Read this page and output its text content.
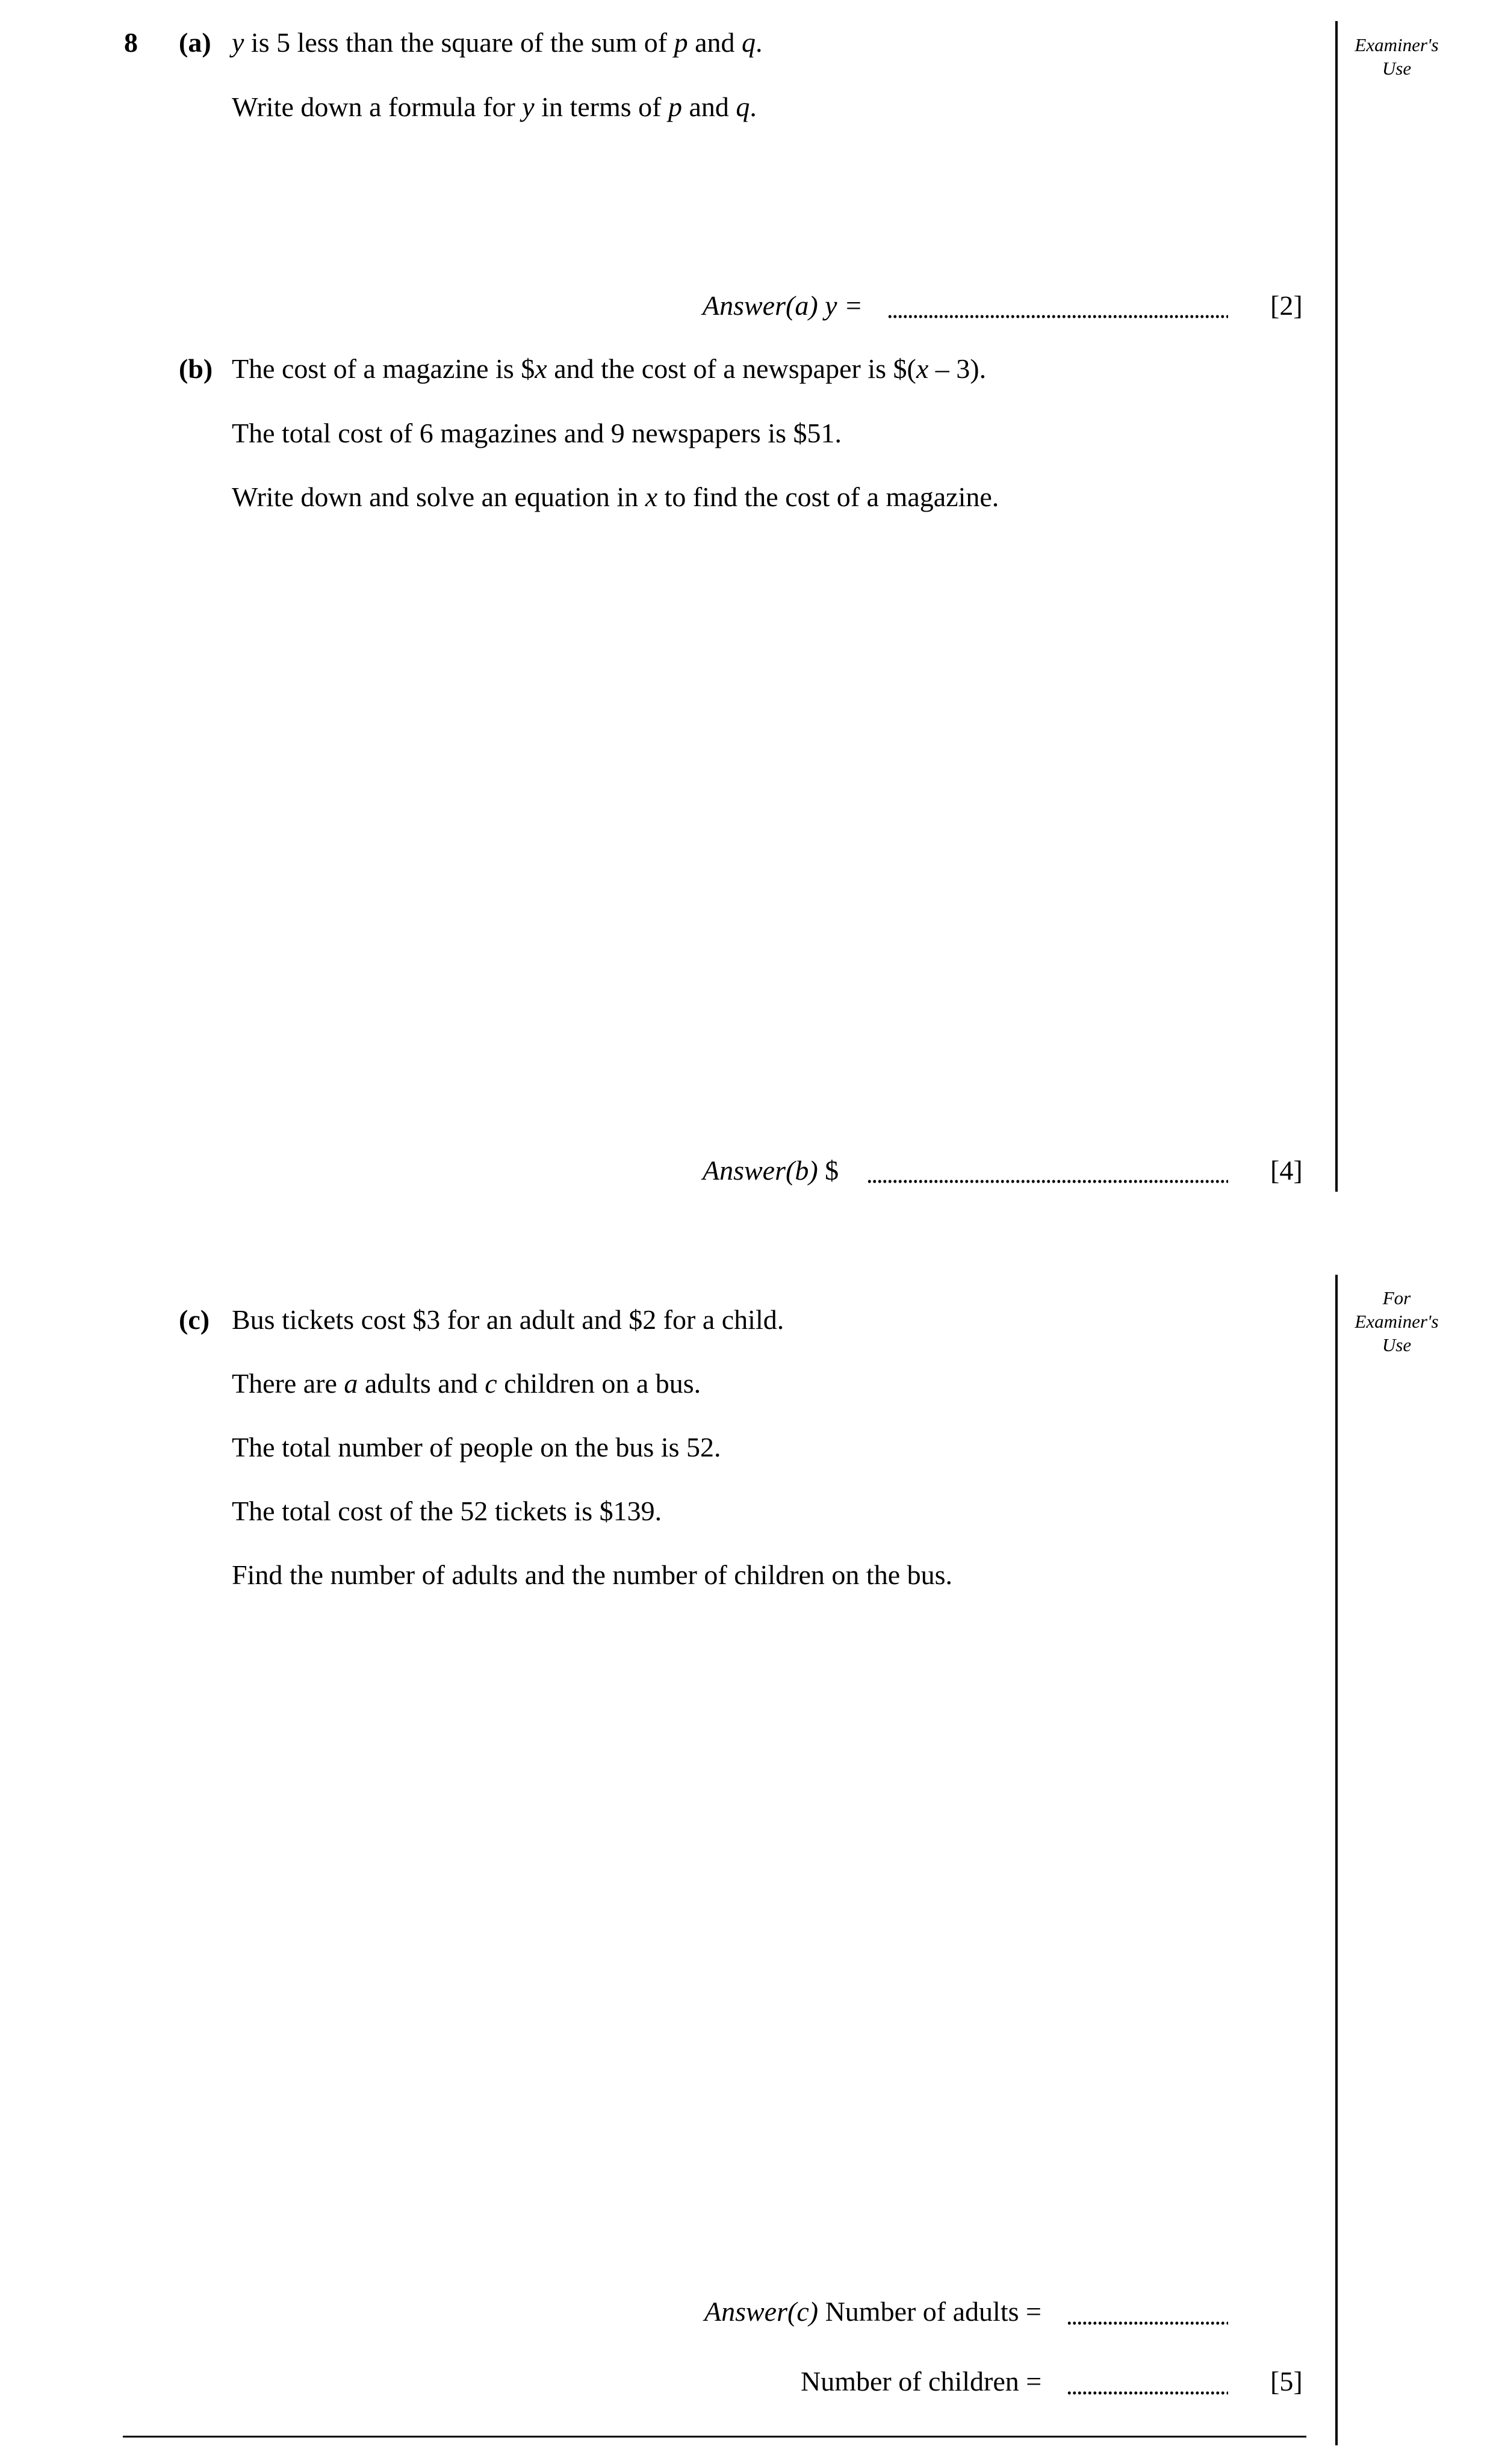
8 (a) y is 5 less than the square of the sum of p and q.
Write down a formula for y in terms of p and q.
Answer(a) y =	[2]
(b) The cost of a magazine is $x and the cost of a newspaper is $(x – 3).
The total cost of 6 magazines and 9 newspapers is $51.
Write down and solve an equation in x to find the cost of a magazine.
Answer(b) $	[4]
(c) Bus tickets cost $3 for an adult and $2 for a child.
There are a adults and c children on a bus.
The total number of people on the bus is 52.
The total cost of the 52 tickets is $139.
Find the number of adults and the number of children on the bus.
Answer(c) Number of adults =
Number of children =	[5]
Examiner's
Use
For
Examiner's
Use
